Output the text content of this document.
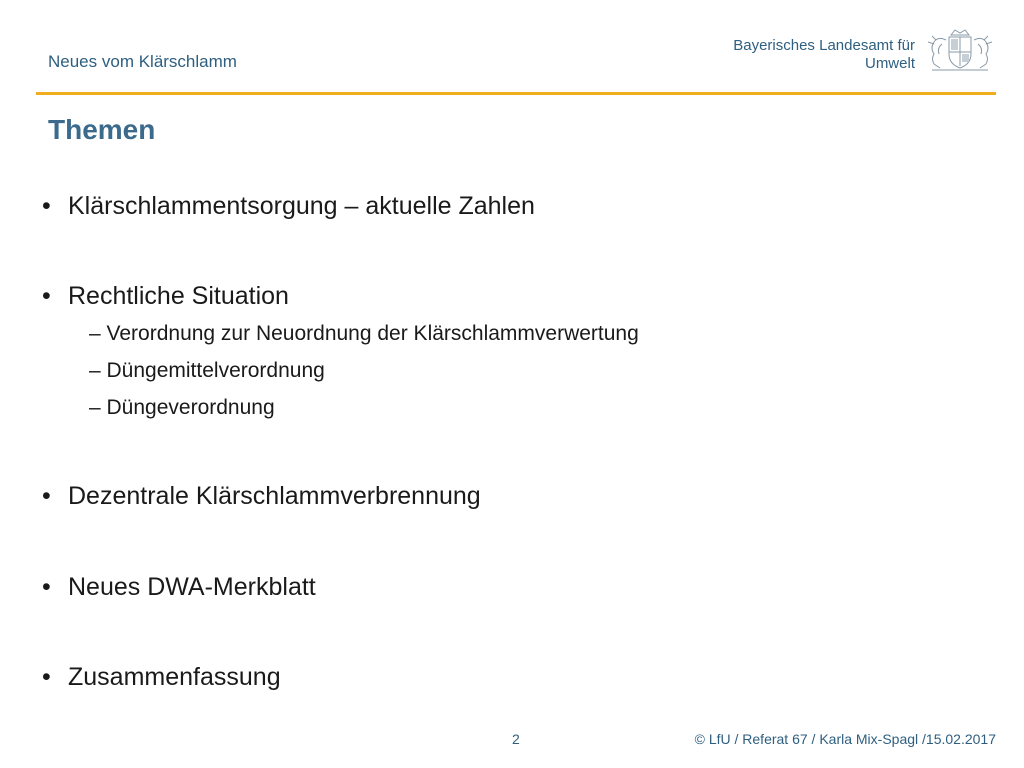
Neues vom Klärschlamm
Bayerisches Landesamt für
Umwelt
Themen
• Klärschlammentsorgung – aktuelle Zahlen
• Rechtliche Situation
– Verordnung zur Neuordnung der Klärschlammverwertung
– Düngemittelverordnung
– Düngeverordnung
• Dezentrale Klärschlammverbrennung
• Neues DWA-Merkblatt
• Zusammenfassung
2	© LfU / Referat 67 / Karla Mix-Spagl /15.02.2017
